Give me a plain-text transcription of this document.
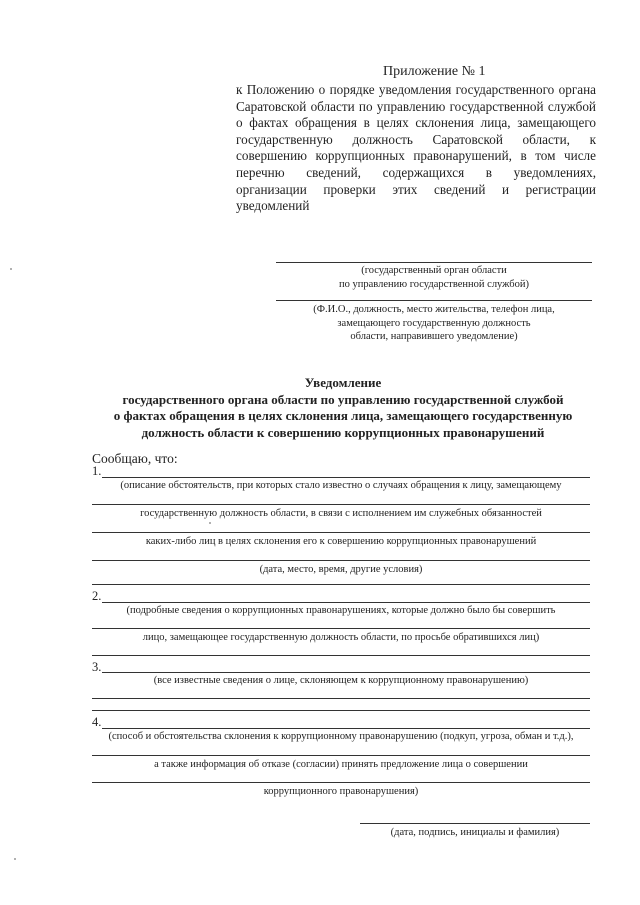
Приложение № 1
к Положению о порядке уведомления государственного органа Саратовской области по управлению государственной службой о фактах обращения в целях склонения лица, замещающего государственную должность Саратовской области, к совершению коррупционных правонарушений, в том числе перечню сведений, содержащихся в уведомлениях, организации проверки этих сведений и регистрации уведомлений
(государственный орган области
по управлению государственной службой)
(Ф.И.О., должность, место жительства, телефон лица,
замещающего государственную должность
области, направившего уведомление)
Уведомление
государственного органа области по управлению государственной службой
о фактах обращения в целях склонения лица, замещающего государственную
должность области к совершению коррупционных правонарушений
Сообщаю, что:
1.
(описание обстоятельств, при которых стало известно о случаях обращения к лицу, замещающему
государственную должность области, в связи с исполнением им служебных обязанностей
каких-либо лиц в целях склонения его к совершению коррупционных правонарушений
(дата, место, время, другие условия)
2.
(подробные сведения о коррупционных правонарушениях, которые должно было бы совершить
лицо, замещающее государственную должность области, по просьбе обратившихся лиц)
3.
(все известные сведения о лице, склоняющем к коррупционному правонарушению)
4.
(способ и обстоятельства склонения к коррупционному правонарушению (подкуп, угроза, обман и т.д.),
а также информация об отказе (согласии) принять предложение лица о совершении
коррупционного правонарушения)
(дата, подпись, инициалы и фамилия)
